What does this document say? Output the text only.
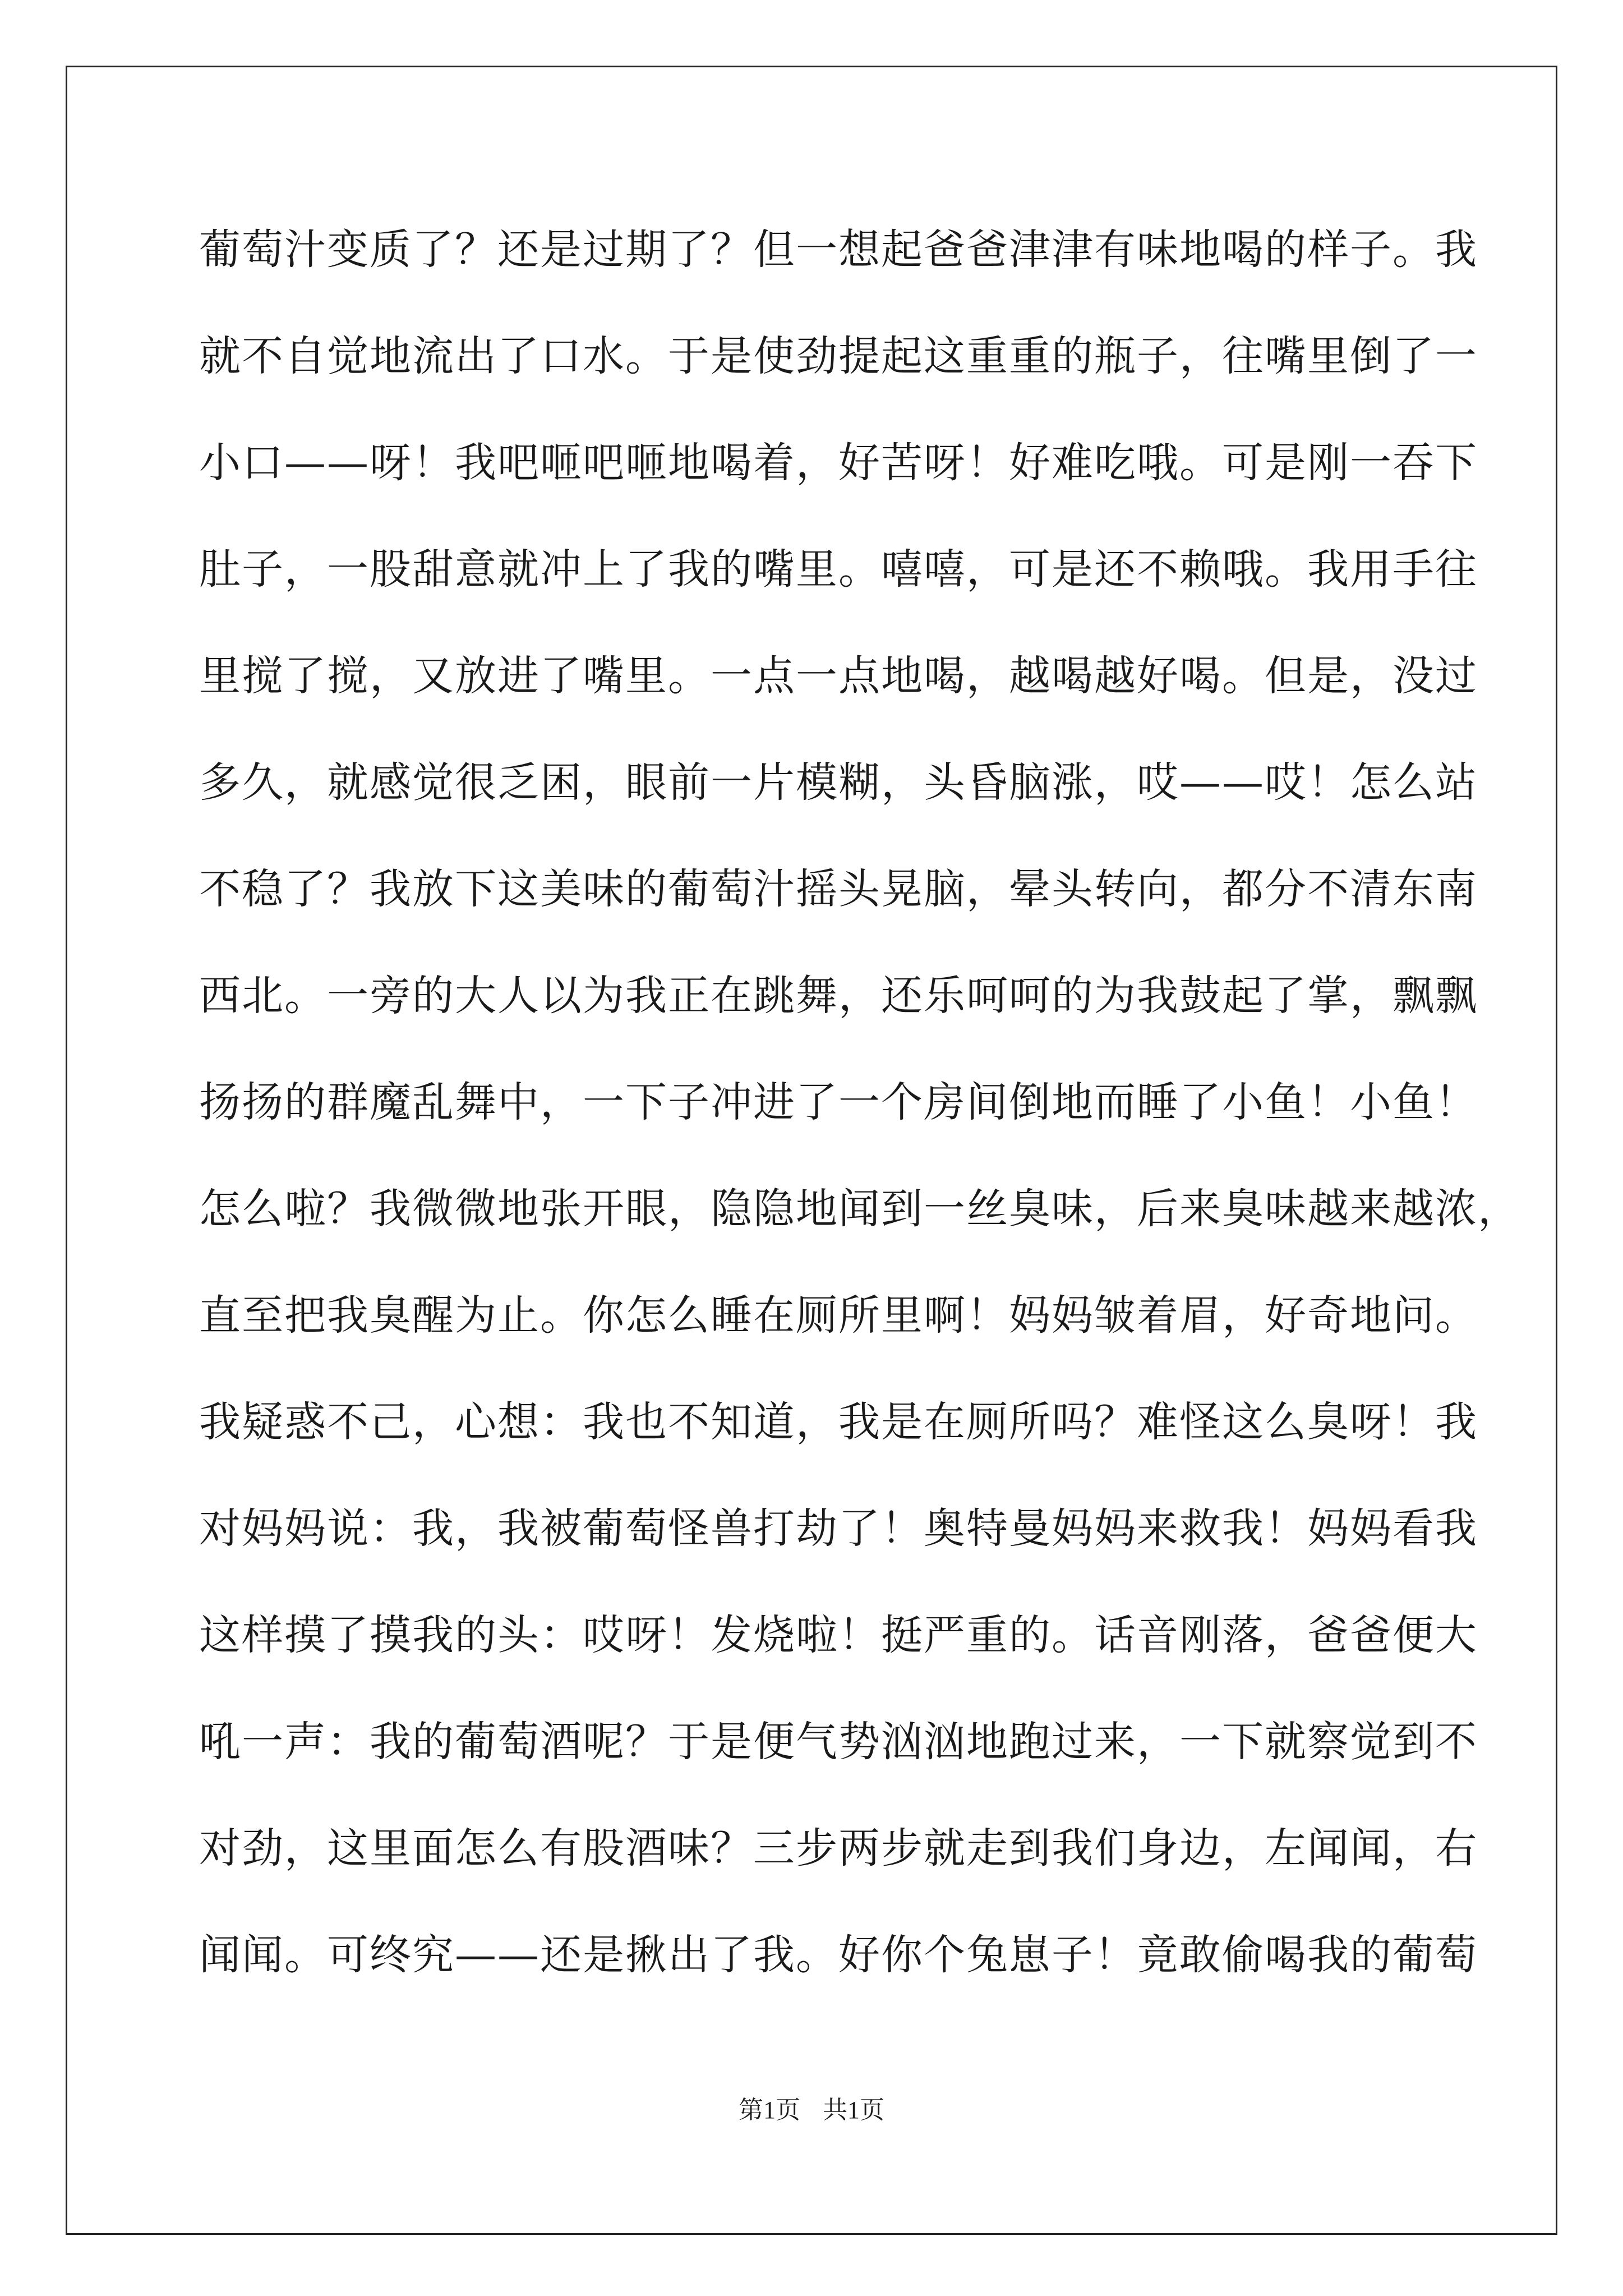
葡萄汁变质了？还是过期了？但一想起爸爸津津有味地喝的样子。我
就不自觉地流出了口水。于是使劲提起这重重的瓶子，往嘴里倒了一
小口——呀！我吧咂吧咂地喝着，好苦呀！好难吃哦。可是刚一吞下
肚子，一股甜意就冲上了我的嘴里。嘻嘻，可是还不赖哦。我用手往
里搅了搅，又放进了嘴里。一点一点地喝，越喝越好喝。但是，没过
多久，就感觉很乏困，眼前一片模糊，头昏脑涨，哎——哎！怎么站
不稳了？我放下这美味的葡萄汁摇头晃脑，晕头转向，都分不清东南
西北。一旁的大人以为我正在跳舞，还乐呵呵的为我鼓起了掌，飘飘
扬扬的群魔乱舞中，一下子冲进了一个房间倒地而睡了小鱼！小鱼！
怎么啦？我微微地张开眼，隐隐地闻到一丝臭味，后来臭味越来越浓，
直至把我臭醒为止。你怎么睡在厕所里啊！妈妈皱着眉，好奇地问。
我疑惑不己，心想：我也不知道，我是在厕所吗？难怪这么臭呀！我
对妈妈说：我，我被葡萄怪兽打劫了！奥特曼妈妈来救我！妈妈看我
这样摸了摸我的头：哎呀！发烧啦！挺严重的。话音刚落，爸爸便大
吼一声：我的葡萄酒呢？于是便气势汹汹地跑过来，一下就察觉到不
对劲，这里面怎么有股酒味？三步两步就走到我们身边，左闻闻，右
闻闻。可终究——还是揪出了我。好你个兔崽子！竟敢偷喝我的葡萄
第1页 共1页
